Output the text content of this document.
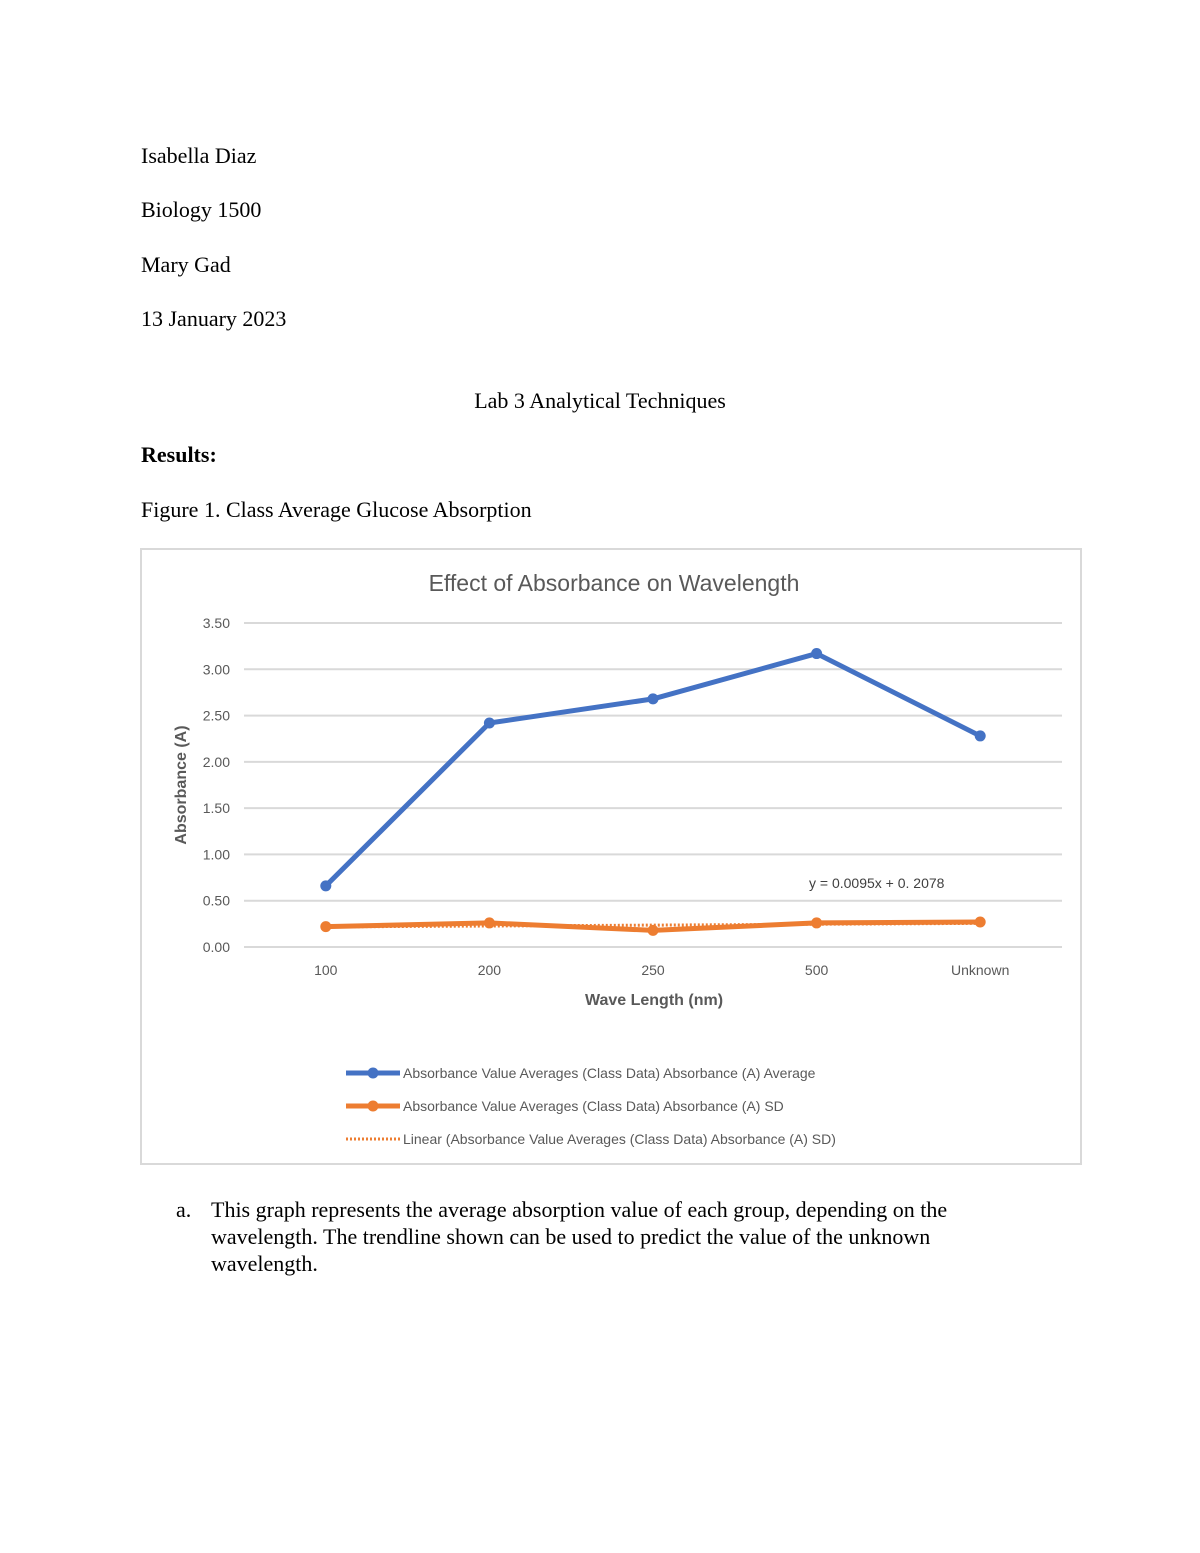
Isabella Diaz
Biology 1500
Mary Gad
13 January 2023
Lab 3 Analytical Techniques
Results:
Figure 1. Class Average Glucose Absorption
Effect of Absorbance on Wavelength
0.00
0.50
1.00
1.50
2.00
2.50
3.00
3.50
100	200	250	500	Unknown
Absorbance (A)
Wave Length (nm)
y = 0.0095x + 0. 2078
Absorbance Value Averages (Class Data) Absorbance (A) Average
Absorbance Value Averages (Class Data) Absorbance (A) SD
Linear (Absorbance Value Averages (Class Data) Absorbance (A) SD)
a. This graph represents the average absorption value of each group, depending on the wavelength. The trendline shown can be used to predict the value of the unknown wavelength.
